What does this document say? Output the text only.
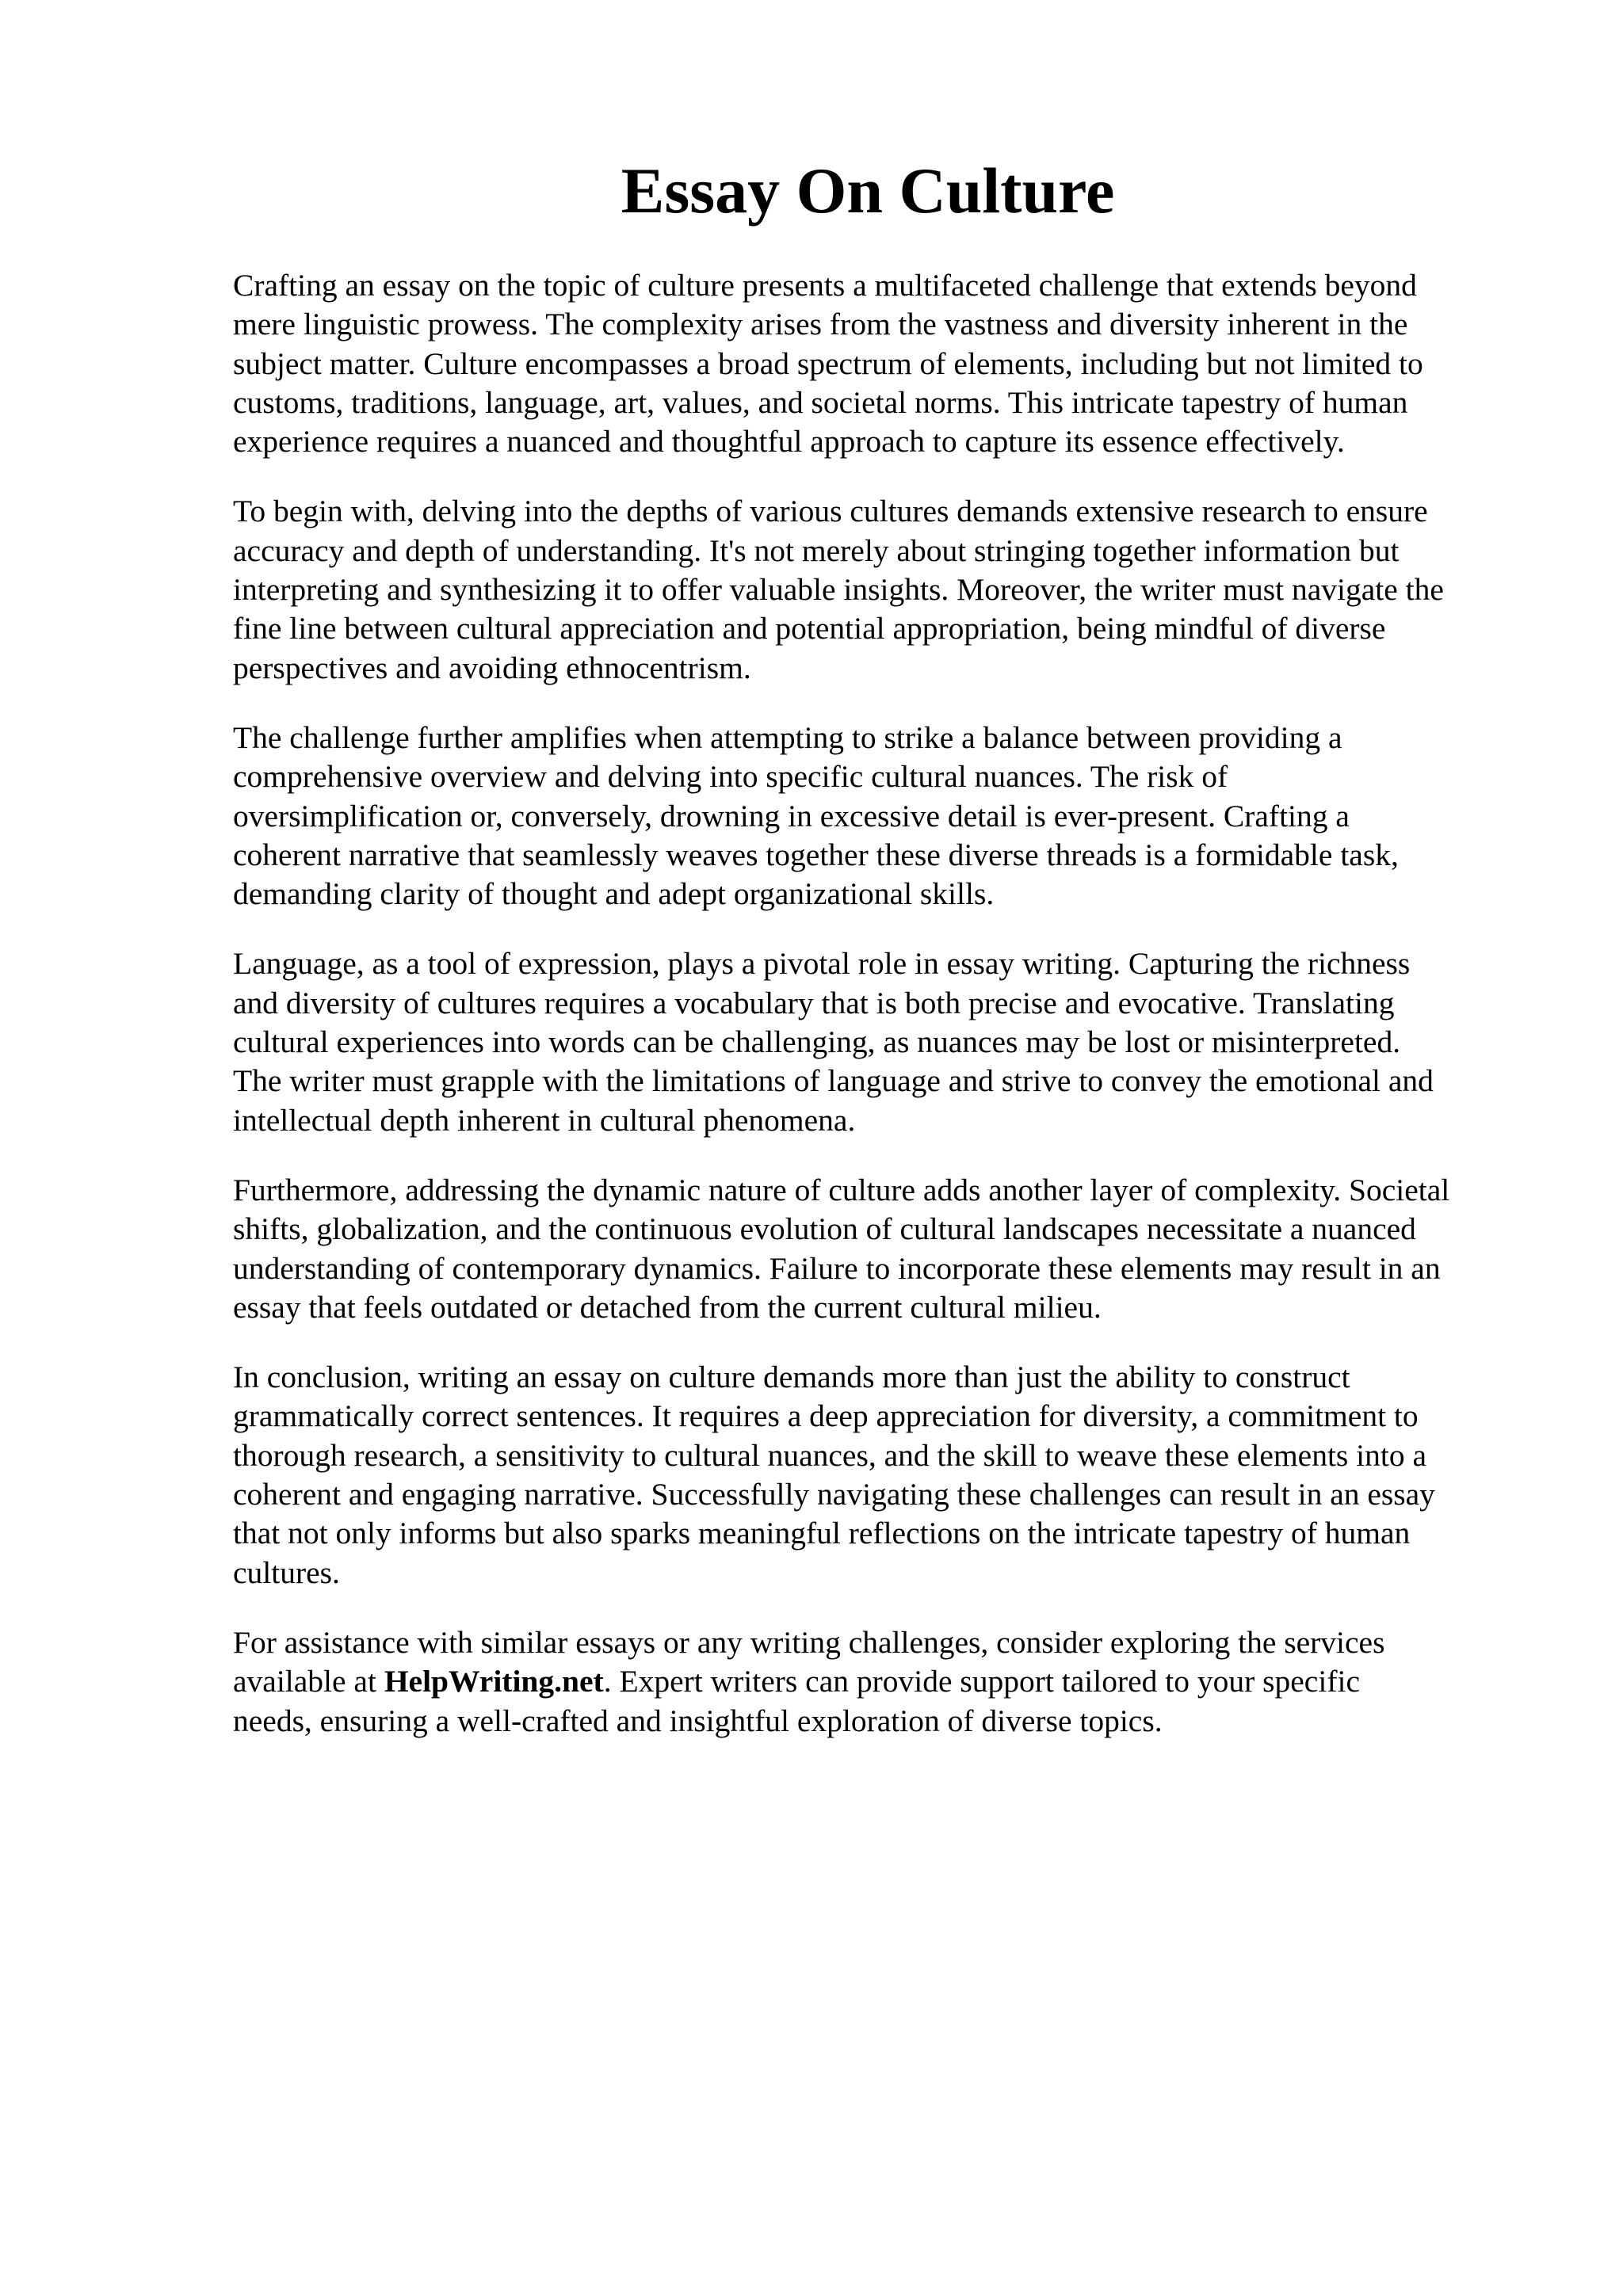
Essay On Culture

Crafting an essay on the topic of culture presents a multifaceted challenge that extends beyond
mere linguistic prowess. The complexity arises from the vastness and diversity inherent in the
subject matter. Culture encompasses a broad spectrum of elements, including but not limited to
customs, traditions, language, art, values, and societal norms. This intricate tapestry of human
experience requires a nuanced and thoughtful approach to capture its essence effectively.

To begin with, delving into the depths of various cultures demands extensive research to ensure
accuracy and depth of understanding. It's not merely about stringing together information but
interpreting and synthesizing it to offer valuable insights. Moreover, the writer must navigate the
fine line between cultural appreciation and potential appropriation, being mindful of diverse
perspectives and avoiding ethnocentrism.

The challenge further amplifies when attempting to strike a balance between providing a
comprehensive overview and delving into specific cultural nuances. The risk of
oversimplification or, conversely, drowning in excessive detail is ever-present. Crafting a
coherent narrative that seamlessly weaves together these diverse threads is a formidable task,
demanding clarity of thought and adept organizational skills.

Language, as a tool of expression, plays a pivotal role in essay writing. Capturing the richness
and diversity of cultures requires a vocabulary that is both precise and evocative. Translating
cultural experiences into words can be challenging, as nuances may be lost or misinterpreted.
The writer must grapple with the limitations of language and strive to convey the emotional and
intellectual depth inherent in cultural phenomena.

Furthermore, addressing the dynamic nature of culture adds another layer of complexity. Societal
shifts, globalization, and the continuous evolution of cultural landscapes necessitate a nuanced
understanding of contemporary dynamics. Failure to incorporate these elements may result in an
essay that feels outdated or detached from the current cultural milieu.

In conclusion, writing an essay on culture demands more than just the ability to construct
grammatically correct sentences. It requires a deep appreciation for diversity, a commitment to
thorough research, a sensitivity to cultural nuances, and the skill to weave these elements into a
coherent and engaging narrative. Successfully navigating these challenges can result in an essay
that not only informs but also sparks meaningful reflections on the intricate tapestry of human
cultures.

For assistance with similar essays or any writing challenges, consider exploring the services
available at HelpWriting.net. Expert writers can provide support tailored to your specific
needs, ensuring a well-crafted and insightful exploration of diverse topics.
